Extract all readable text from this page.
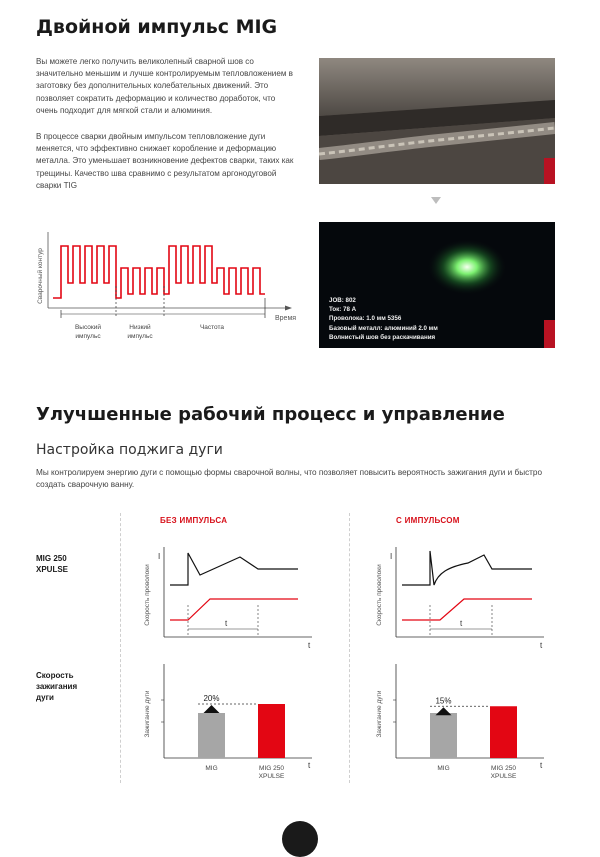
Двойной импульс MIG

Вы можете легко получить великолепный сварной шов со значительно меньшим и лучше контролируемым тепловложением в заготовку без дополнительных колебательных движений. Это позволяет сократить деформацию и количество доработок, что очень подходит для мягкой стали и алюминия.

В процессе сварки двойным импульсом тепловложение дуги меняется, что эффективно снижает коробление и деформацию металла. Это уменьшает возникновение дефектов сварки, таких как трещины. Качество шва сравнимо с результатом аргонодуговой сварки TIG

Сварочный контур
Время
Высокий
импульс
Низкий
импульс
Частота
JOB: 802
Ток: 78 A
Проволока: 1.0 мм 5356
Базовый металл: алюминий 2.0 мм
Волнистый шов без раскачивания
Улучшенные рабочий процесс и управление

Настройка поджига дуги

Мы контролируем энергию дуги с помощью формы сварочной волны, что позволяет повысить вероятность зажигания дуги и быстро создать сварочную ванну.

БЕЗ ИМПУЛЬСА	С ИМПУЛЬСОМ
MIG 250
XPULSE
Скорость
зажигания
дуги
Скорость проволоки
I
t
t	Скорость проволоки
I
t
t
Зажигание дуги
t
MIG	MIG 250
XPULSE
20%	Зажигание дуги
t
MIG	MIG 250
XPULSE
15%
